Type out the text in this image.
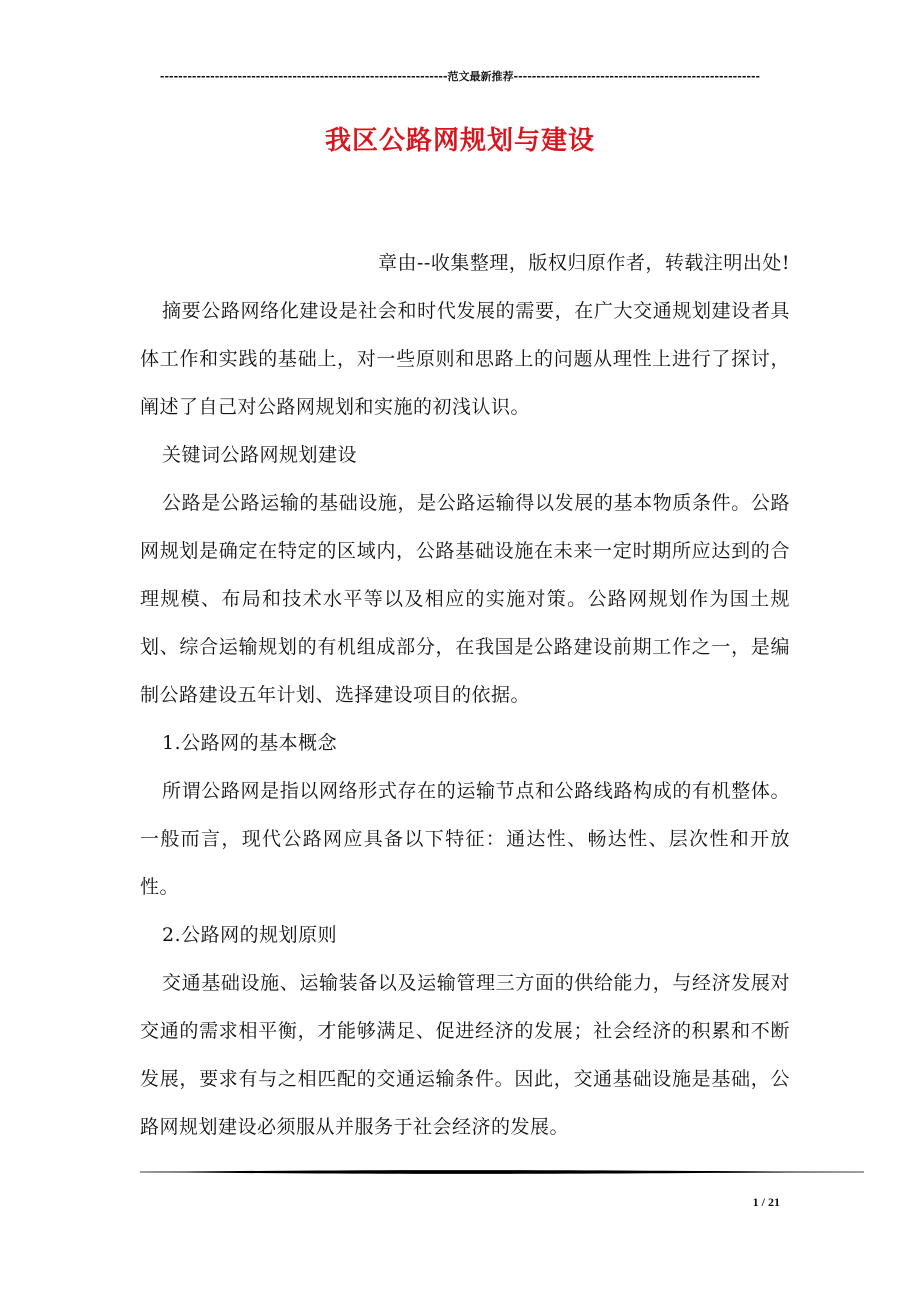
---------------------------------------------------------------范文最新推荐------------------------------------------------------
我区公路网规划与建设

章由--收集整理，版权归原作者，转载注明出处!

摘要公路网络化建设是社会和时代发展的需要，在广大交通规划建设者具体工作和实践的基础上，对一些原则和思路上的问题从理性上进行了探讨，阐述了自己对公路网规划和实施的初浅认识。

关键词公路网规划建设

公路是公路运输的基础设施，是公路运输得以发展的基本物质条件。公路网规划是确定在特定的区域内，公路基础设施在未来一定时期所应达到的合理规模、布局和技术水平等以及相应的实施对策。公路网规划作为国土规划、综合运输规划的有机组成部分，在我国是公路建设前期工作之一，是编制公路建设五年计划、选择建设项目的依据。

1.公路网的基本概念

所谓公路网是指以网络形式存在的运输节点和公路线路构成的有机整体。一般而言，现代公路网应具备以下特征：通达性、畅达性、层次性和开放性。

2.公路网的规划原则

交通基础设施、运输装备以及运输管理三方面的供给能力，与经济发展对交通的需求相平衡，才能够满足、促进经济的发展；社会经济的积累和不断发展，要求有与之相匹配的交通运输条件。因此，交通基础设施是基础，公路网规划建设必须服从并服务于社会经济的发展。

1 / 21
